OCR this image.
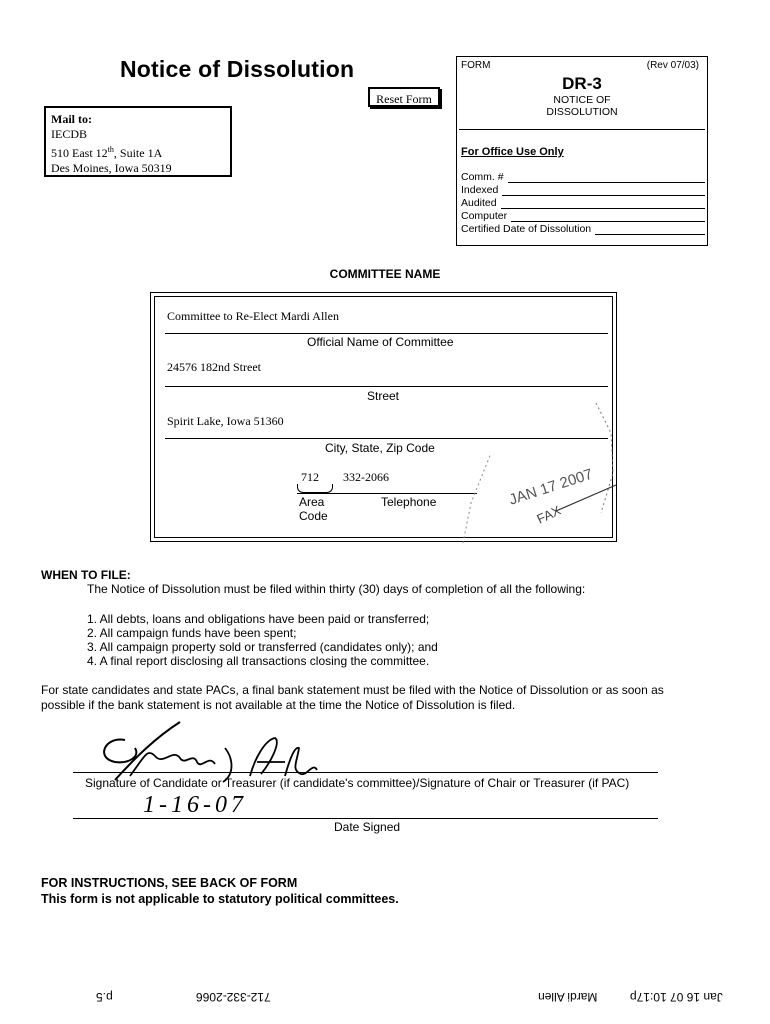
Notice of Dissolution
Reset Form
Mail to:
IECDB
510 East 12th, Suite 1A
Des Moines, Iowa 50319
FORM	(Rev 07/03)
DR-3
NOTICE OF
DISSOLUTION
For Office Use Only
Comm. #
Indexed
Audited
Computer
Certified Date of Dissolution
COMMITTEE NAME
Committee to Re-Elect Mardi Allen
Official Name of Committee
24576 182nd Street
Street
Spirit Lake, Iowa 51360
City, State, Zip Code
712 332-2066
Area
Code
Telephone	JAN 17 2007
FAX
WHEN TO FILE:
The Notice of Dissolution must be filed within thirty (30) days of completion of all the following:
1. All debts, loans and obligations have been paid or transferred;
2. All campaign funds have been spent;
3. All campaign property sold or transferred (candidates only); and
4. A final report disclosing all transactions closing the committee.
For state candidates and state PACs, a final bank statement must be filed with the Notice of Dissolution or as soon as
possible if the bank statement is not available at the time the Notice of Dissolution is filed.
Signature of Candidate or Treasurer (if candidate's committee)/Signature of Chair or Treasurer (if PAC)
1-16-07
Date Signed
FOR INSTRUCTIONS, SEE BACK OF FORM
This form is not applicable to statutory political committees.
p.5	712-332-2066	Mardi Allen	Jan 16 07 10:17p
